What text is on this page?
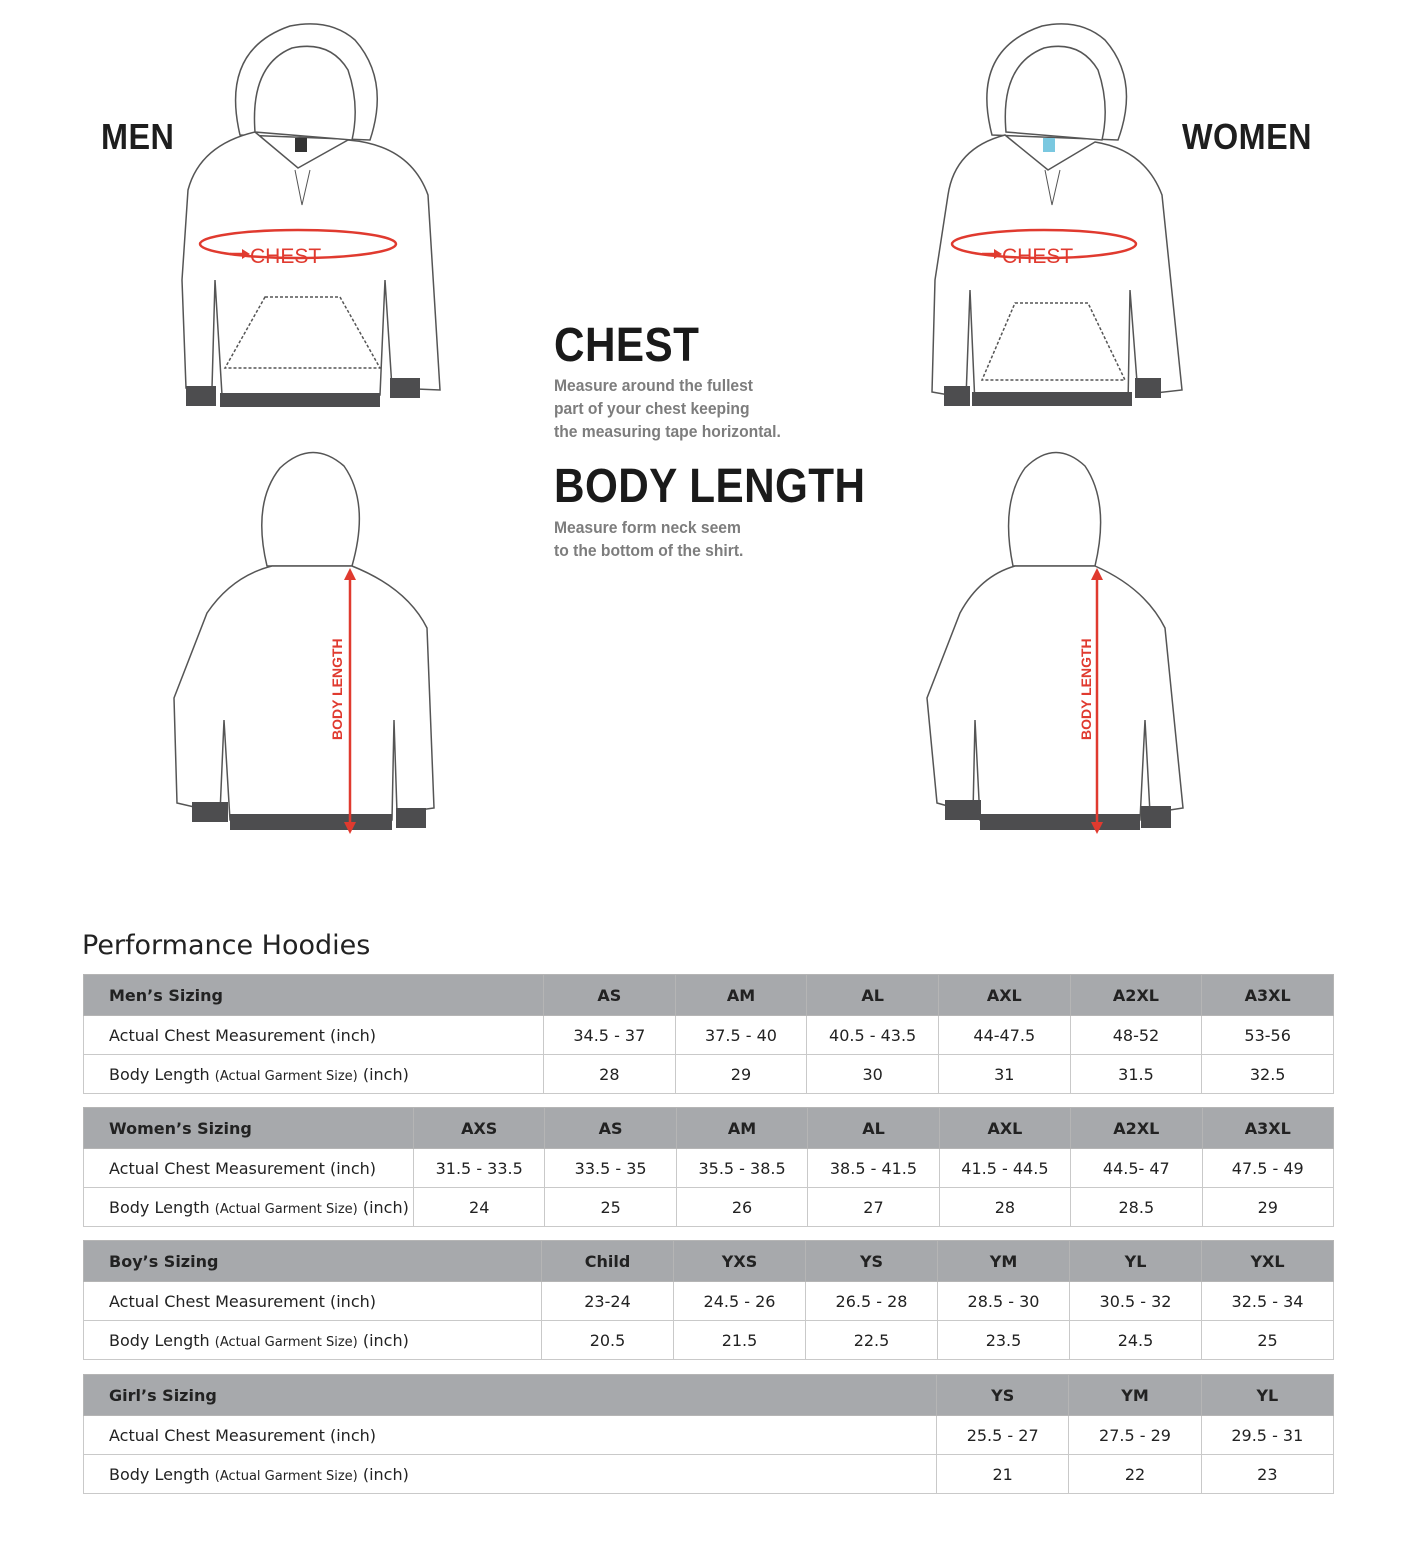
MEN	WOMEN
CHEST	CHEST
BODY LENGTH	BODY LENGTH
CHEST
Measure around the fullest
part of your chest keeping
the measuring tape horizontal.
BODY LENGTH
Measure form neck seem
to the bottom of the shirt.
Performance Hoodies
Men’s Sizing	AS	AM	AL	AXL	A2XL	A3XL
Actual Chest Measurement (inch)	34.5 - 37	37.5 - 40	40.5 - 43.5	44-47.5	48-52	53-56
Body Length (Actual Garment Size) (inch)	28	29	30	31	31.5	32.5
Women’s Sizing	AXS	AS	AM	AL	AXL	A2XL	A3XL
Actual Chest Measurement (inch)	31.5 - 33.5	33.5 - 35	35.5 - 38.5	38.5 - 41.5	41.5 - 44.5	44.5- 47	47.5 - 49
Body Length (Actual Garment Size) (inch)	24	25	26	27	28	28.5	29
Boy’s Sizing	Child	YXS	YS	YM	YL	YXL
Actual Chest Measurement (inch)	23-24	24.5 - 26	26.5 - 28	28.5 - 30	30.5 - 32	32.5 - 34
Body Length (Actual Garment Size) (inch)	20.5	21.5	22.5	23.5	24.5	25
Girl’s Sizing	YS	YM	YL
Actual Chest Measurement (inch)	25.5 - 27	27.5 - 29	29.5 - 31
Body Length (Actual Garment Size) (inch)	21	22	23
